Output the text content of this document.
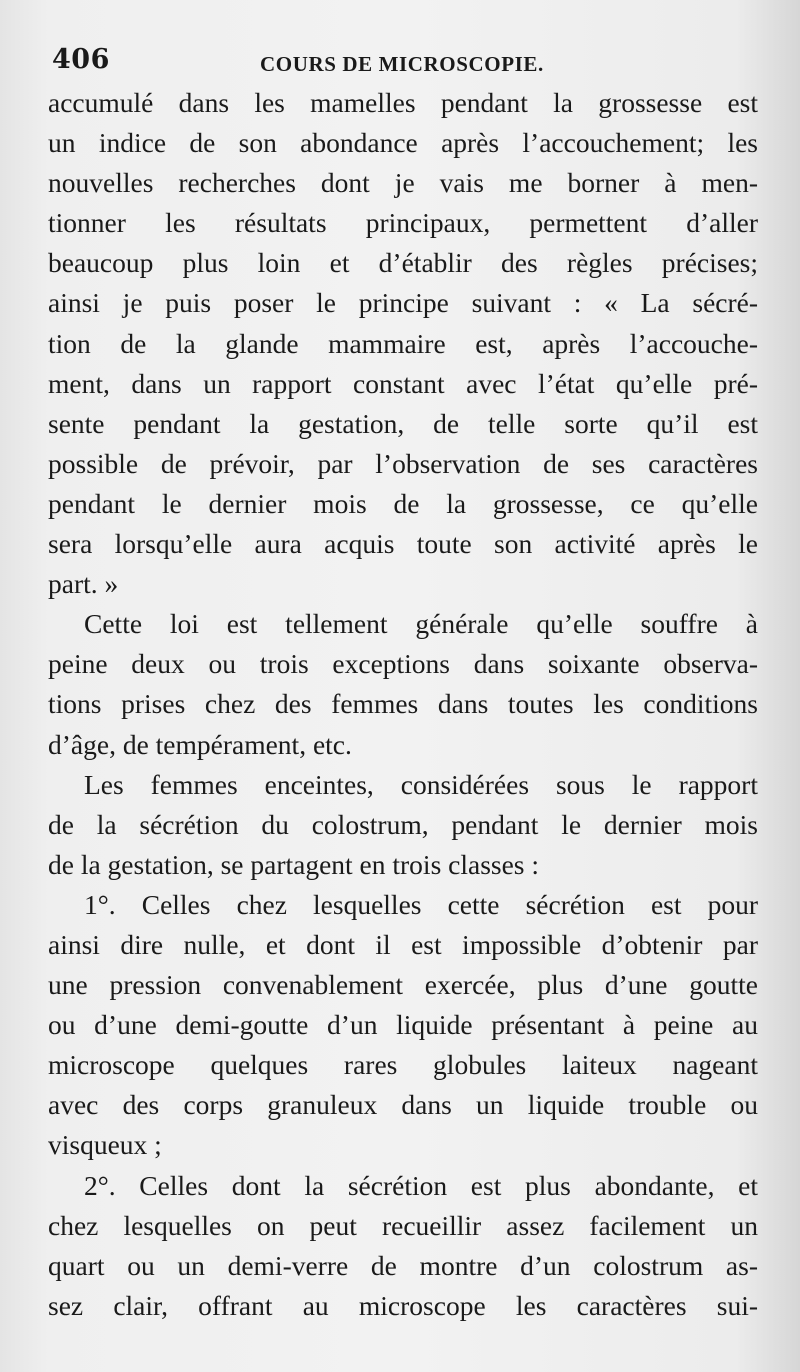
406	COURS DE MICROSCOPIE.
accumulé dans les mamelles pendant la grossesse est
un indice de son abondance après l’accouchement; les
nouvelles recherches dont je vais me borner à men-
tionner les résultats principaux, permettent d’aller
beaucoup plus loin et d’établir des règles précises;
ainsi je puis poser le principe suivant : « La sécré-
tion de la glande mammaire est, après l’accouche-
ment, dans un rapport constant avec l’état qu’elle pré-
sente pendant la gestation, de telle sorte qu’il est
possible de prévoir, par l’observation de ses caractères
pendant le dernier mois de la grossesse, ce qu’elle
sera lorsqu’elle aura acquis toute son activité après le
part. »
Cette loi est tellement générale qu’elle souffre à
peine deux ou trois exceptions dans soixante observa-
tions prises chez des femmes dans toutes les conditions
d’âge, de tempérament, etc.
Les femmes enceintes, considérées sous le rapport
de la sécrétion du colostrum, pendant le dernier mois
de la gestation, se partagent en trois classes :
1°. Celles chez lesquelles cette sécrétion est pour
ainsi dire nulle, et dont il est impossible d’obtenir par
une pression convenablement exercée, plus d’une goutte
ou d’une demi-goutte d’un liquide présentant à peine au
microscope quelques rares globules laiteux nageant
avec des corps granuleux dans un liquide trouble ou
visqueux ;
2°. Celles dont la sécrétion est plus abondante, et
chez lesquelles on peut recueillir assez facilement un
quart ou un demi-verre de montre d’un colostrum as-
sez clair, offrant au microscope les caractères sui-
